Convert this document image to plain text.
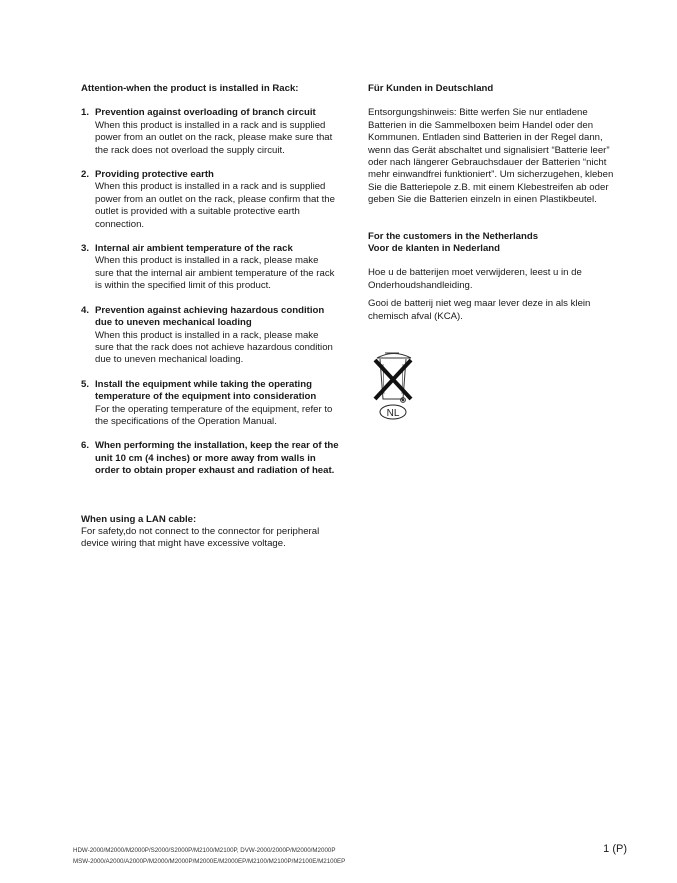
Attention-when the product is installed in Rack:

1. Prevention against overloading of branch circuit
When this product is installed in a rack and is supplied power from an outlet on the rack, please make sure that the rack does not overload the supply circuit.
2. Providing protective earth
When this product is installed in a rack and is supplied power from an outlet on the rack, please confirm that the outlet is provided with a suitable protective earth connection.
3. Internal air ambient temperature of the rack
When this product is installed in a rack, please make sure that the internal air ambient temperature of the rack is within the specified limit of this product.
4. Prevention against achieving hazardous condition due to uneven mechanical loading
When this product is installed in a rack, please make sure that the rack does not achieve hazardous condition due to uneven mechanical loading.
5. Install the equipment while taking the operating temperature of the equipment into consideration
For the operating temperature of the equipment, refer to the specifications of the Operation Manual.
6. When performing the installation, keep the rear of the unit 10 cm (4 inches) or more away from walls in order to obtain proper exhaust and radiation of heat.

When using a LAN cable:

For safety,do not connect to the connector for peripheral device wiring that might have excessive voltage.

Für Kunden in Deutschland

Entsorgungshinweis: Bitte werfen Sie nur entladene Batterien in die Sammelboxen beim Handel oder den Kommunen. Entladen sind Batterien in der Regel dann, wenn das Gerät abschaltet und signalisiert “Batterie leer” oder nach längerer Gebrauchsdauer der Batterien “nicht mehr einwandfrei funktioniert”. Um sicherzugehen, kleben Sie die Batteriepole z.B. mit einem Klebestreifen ab oder geben Sie die Batterien einzeln in einen Plastikbeutel.

For the customers in the Netherlands

Voor de klanten in Nederland

Hoe u de batterijen moet verwijderen, leest u in de Onderhoudshandleiding.

Gooi de batterij niet weg maar lever deze in als klein chemisch afval (KCA).

NL
HDW-2000/M2000/M2000P/S2000/S2000P/M2100/M2100P, DVW-2000/2000P/M2000/M2000P
MSW-2000/A2000/A2000P/M2000/M2000P/M2000E/M2000EP/M2100/M2100P/M2100E/M2100EP
1 (P)
